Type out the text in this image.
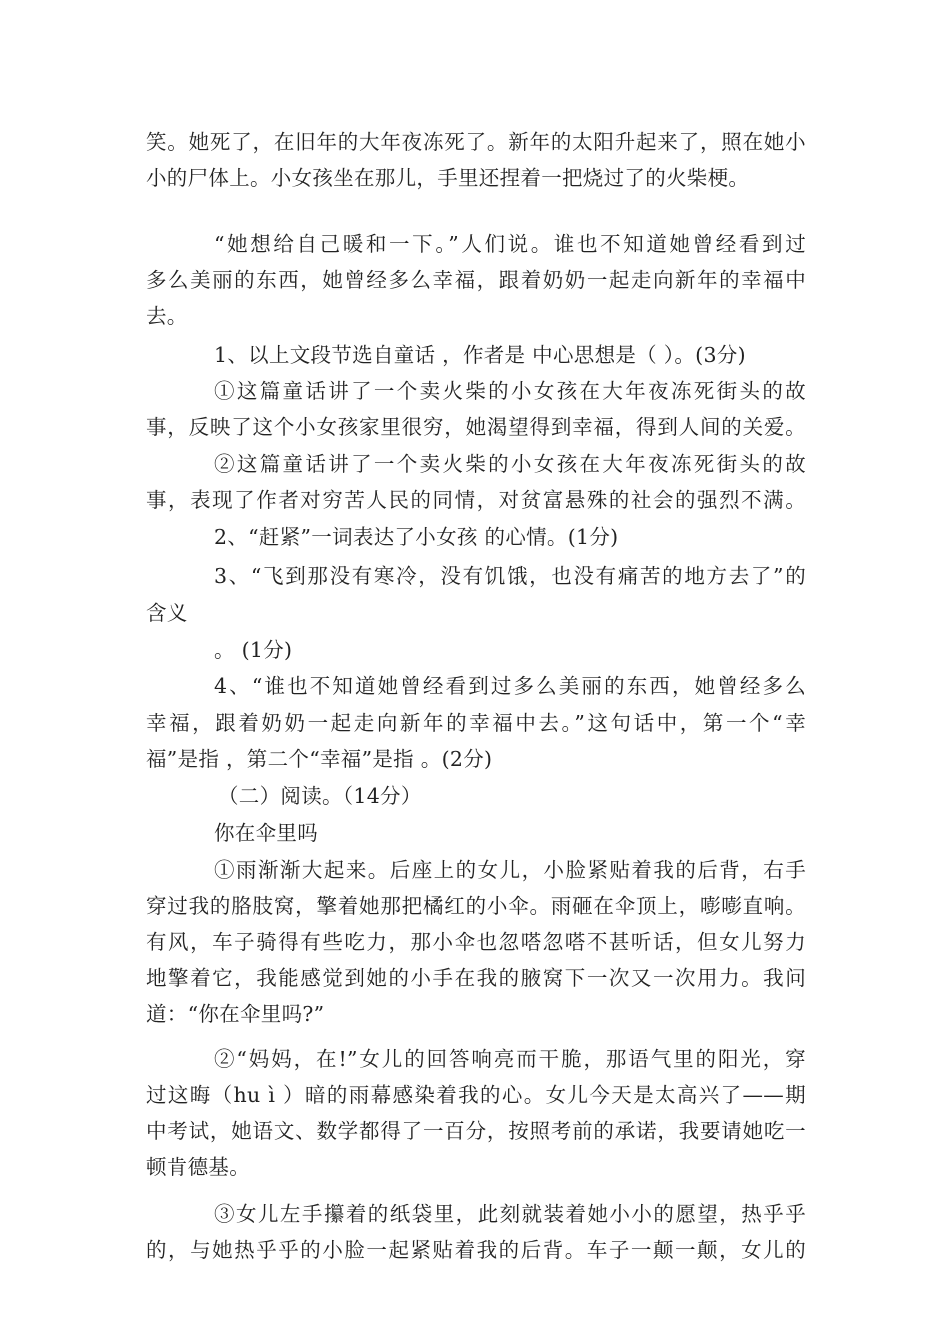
笑。她死了，在旧年的大年夜冻死了。新年的太阳升起来了，照在她小
小的尸体上。小女孩坐在那儿，手里还捏着一把烧过了的火柴梗。
“她想给自己暖和一下。”人们说。谁也不知道她曾经看到过
多么美丽的东西，她曾经多么幸福，跟着奶奶一起走向新年的幸福中
去。
1、以上文段节选自童话 ，作者是 中心思想是（ ）。(3分)
①这篇童话讲了一个卖火柴的小女孩在大年夜冻死街头的故
事，反映了这个小女孩家里很穷，她渴望得到幸福，得到人间的关爱。
②这篇童话讲了一个卖火柴的小女孩在大年夜冻死街头的故
事，表现了作者对穷苦人民的同情，对贫富悬殊的社会的强烈不满。
2、“赶紧”一词表达了小女孩 的心情。(1分)
3、“飞到那没有寒冷，没有饥饿，也没有痛苦的地方去了”的
含义
。 (1分)
4、“谁也不知道她曾经看到过多么美丽的东西，她曾经多么
幸福，跟着奶奶一起走向新年的幸福中去。”这句话中，第一个“幸
福”是指 ，第二个“幸福”是指 。(2分)
（二）阅读。（14分）
你在伞里吗
①雨渐渐大起来。后座上的女儿，小脸紧贴着我的后背，右手
穿过我的胳肢窝，擎着她那把橘红的小伞。雨砸在伞顶上，嘭嘭直响。
有风，车子骑得有些吃力，那小伞也忽嗒忽嗒不甚听话，但女儿努力
地擎着它，我能感觉到她的小手在我的腋窝下一次又一次用力。我问
道：“你在伞里吗?”
②“妈妈，在!”女儿的回答响亮而干脆，那语气里的阳光，穿
过这晦（hu ì ）暗的雨幕感染着我的心。女儿今天是太高兴了——期
中考试，她语文、数学都得了一百分，按照考前的承诺，我要请她吃一
顿肯德基。
③女儿左手攥着的纸袋里，此刻就装着她小小的愿望，热乎乎
的，与她热乎乎的小脸一起紧贴着我的后背。车子一颠一颠，女儿的
